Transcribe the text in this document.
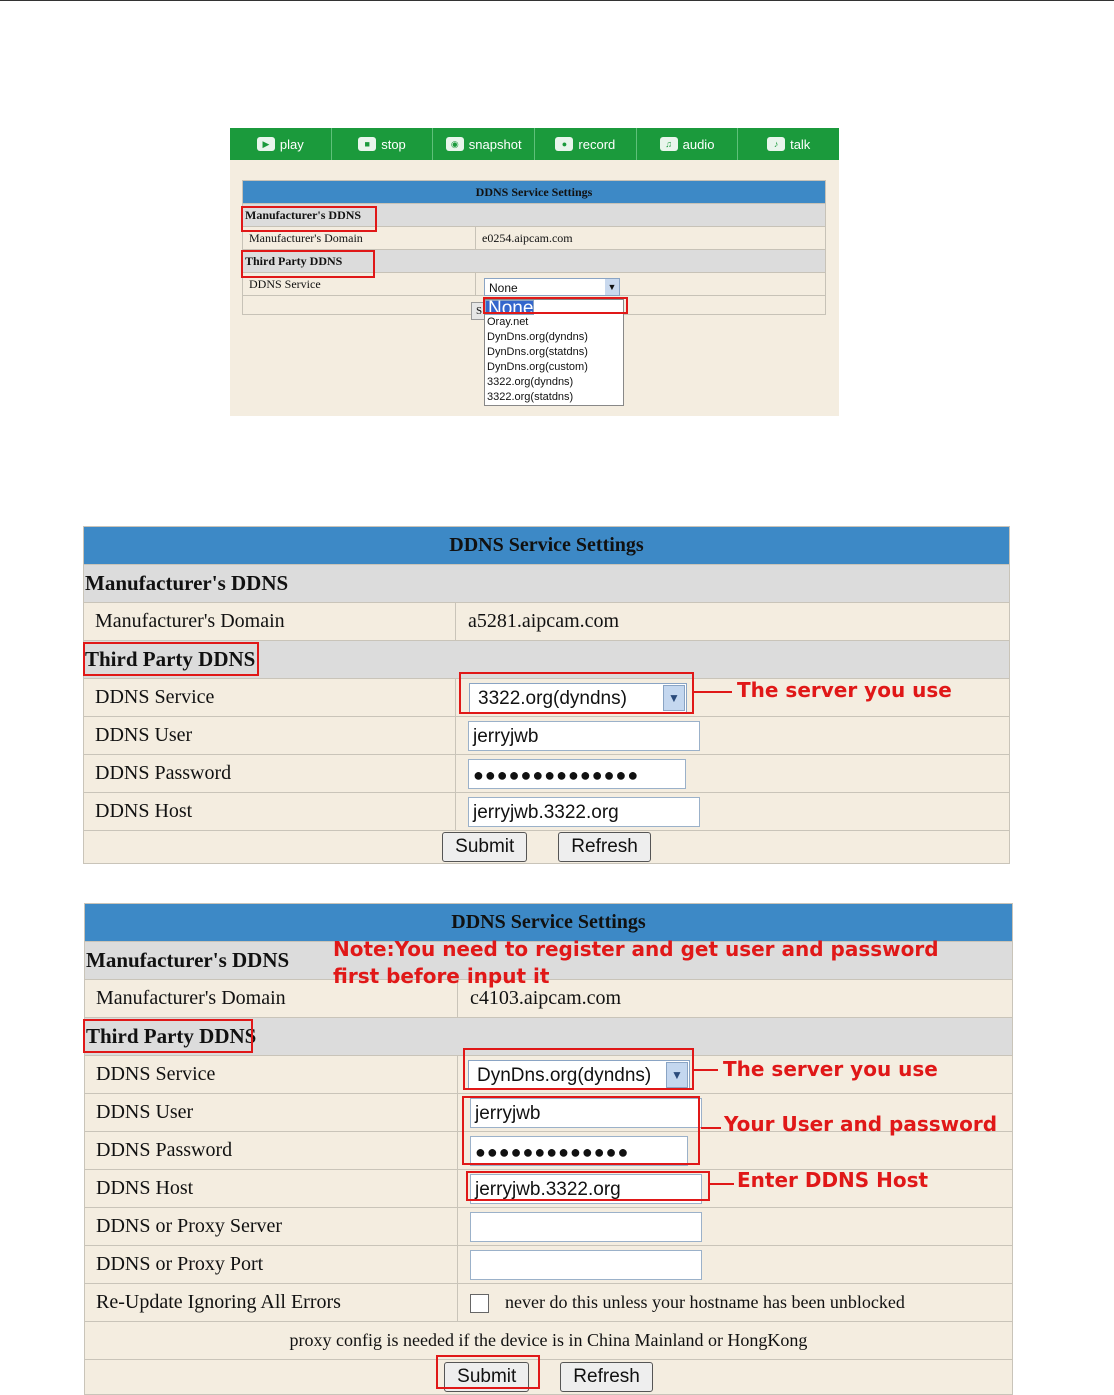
▶ play	■ stop	◉ snapshot	● record	♫ audio	♪ talk
DDNS Service Settings	
Manufacturer's DDNS	
Manufacturer's Domain	e0254.aipcam.com
Third Party DDNS	
DDNS Service	

S
None	▼
None
Oray.net
DynDns.org(dyndns)
DynDns.org(statdns)
DynDns.org(custom)
3322.org(dyndns)
3322.org(statdns)
DDNS Service Settings	
Manufacturer's DDNS	
Manufacturer's Domain	a5281.aipcam.com
Third Party DDNS	
DDNS Service	3322.org(dyndns) ▼

DDNS User	jerryjwb
DDNS Password	●●●●●●●●●●●●●●
DDNS Host	jerryjwb.3322.org
Submit Refresh	
The server you use
DDNS Service Settings	
Manufacturer's DDNS	
Manufacturer's Domain	c4103.aipcam.com
Third Party DDNS	
DDNS Service	DynDns.org(dyndns) ▼

DDNS User	jerryjwb
DDNS Password	●●●●●●●●●●●●●
DDNS Host	jerryjwb.3322.org
DDNS or Proxy Server	
DDNS or Proxy Port	
Re-Update Ignoring All Errors	never do this unless your hostname has been unblocked
proxy config is needed if the device is in China Mainland or HongKong	
Submit Refresh	
Note:You need to register and get user and password
first before input it
The server you use
Your User and password
Enter DDNS Host
